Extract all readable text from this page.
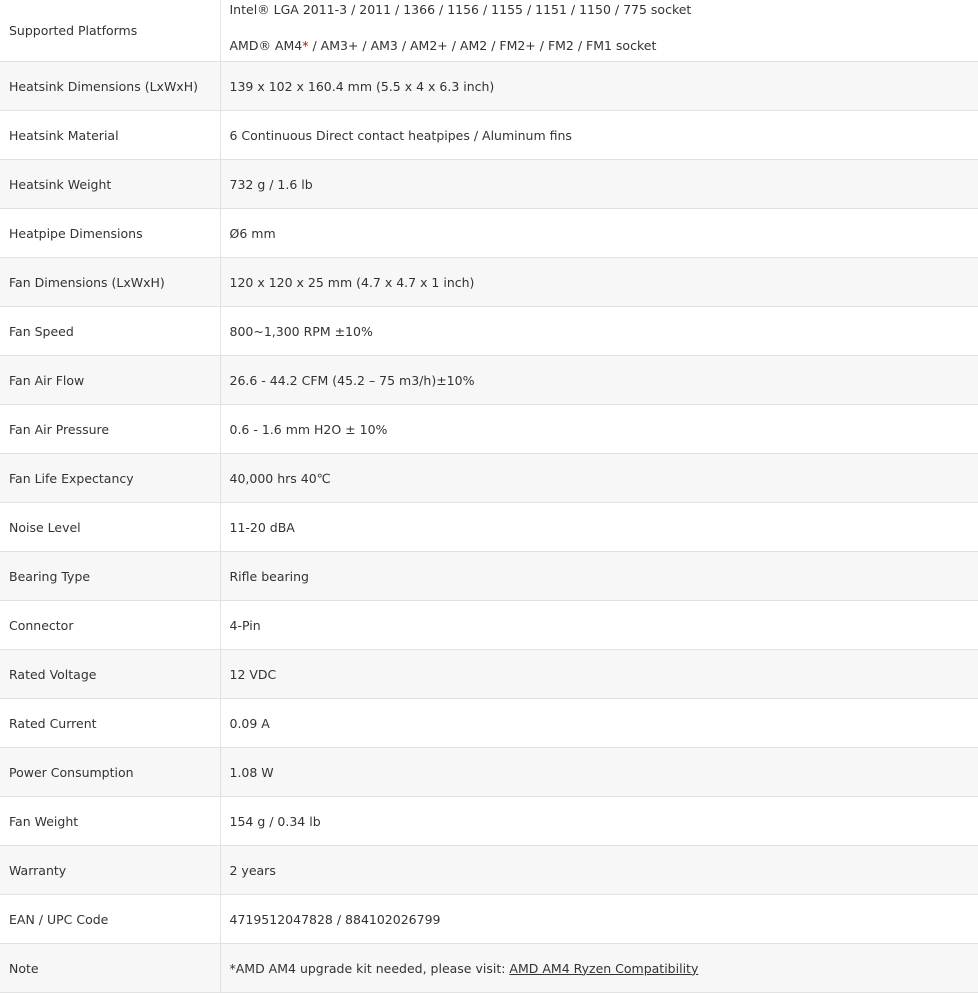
Supported Platforms	Intel® LGA 2011-3 / 2011 / 1366 / 1156 / 1155 / 1151 / 1150 / 775 socket
AMD® AM4* / AM3+ / AM3 / AM2+ / AM2 / FM2+ / FM2 / FM1 socket

Heatsink Dimensions (LxWxH)	139 x 102 x 160.4 mm (5.5 x 4 x 6.3 inch)
Heatsink Material	6 Continuous Direct contact heatpipes / Aluminum fins
Heatsink Weight	732 g / 1.6 lb
Heatpipe Dimensions	Ø6 mm
Fan Dimensions (LxWxH)	120 x 120 x 25 mm (4.7 x 4.7 x 1 inch)
Fan Speed	800~1,300 RPM ±10%
Fan Air Flow	26.6 - 44.2 CFM (45.2 – 75 m3/h)±10%
Fan Air Pressure	0.6 - 1.6 mm H2O ± 10%
Fan Life Expectancy	40,000 hrs 40℃
Noise Level	11-20 dBA
Bearing Type	Rifle bearing
Connector	4-Pin
Rated Voltage	12 VDC
Rated Current	0.09 A
Power Consumption	1.08 W
Fan Weight	154 g / 0.34 lb
Warranty	2 years
EAN / UPC Code	4719512047828 / 884102026799
Note	*AMD AM4 upgrade kit needed, please visit: AMD AM4 Ryzen Compatibility
